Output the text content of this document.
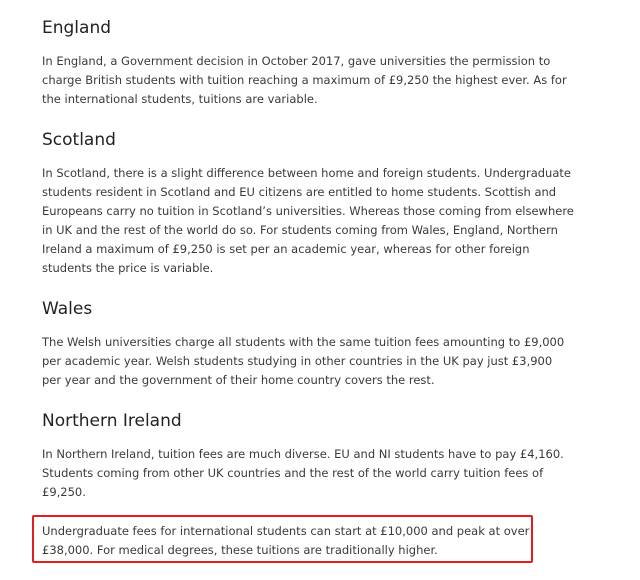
England

In England, a Government decision in October 2017, gave universities the permission to
charge British students with tuition reaching a maximum of £9,250 the highest ever. As for
the international students, tuitions are variable.

Scotland

In Scotland, there is a slight difference between home and foreign students. Undergraduate
students resident in Scotland and EU citizens are entitled to home students. Scottish and
Europeans carry no tuition in Scotland’s universities. Whereas those coming from elsewhere
in UK and the rest of the world do so. For students coming from Wales, England, Northern
Ireland a maximum of £9,250 is set per an academic year, whereas for other foreign
students the price is variable.

Wales

The Welsh universities charge all students with the same tuition fees amounting to £9,000
per academic year. Welsh students studying in other countries in the UK pay just £3,900
per year and the government of their home country covers the rest.

Northern Ireland

In Northern Ireland, tuition fees are much diverse. EU and NI students have to pay £4,160.
Students coming from other UK countries and the rest of the world carry tuition fees of
£9,250.

Undergraduate fees for international students can start at £10,000 and peak at over
£38,000. For medical degrees, these tuitions are traditionally higher.
